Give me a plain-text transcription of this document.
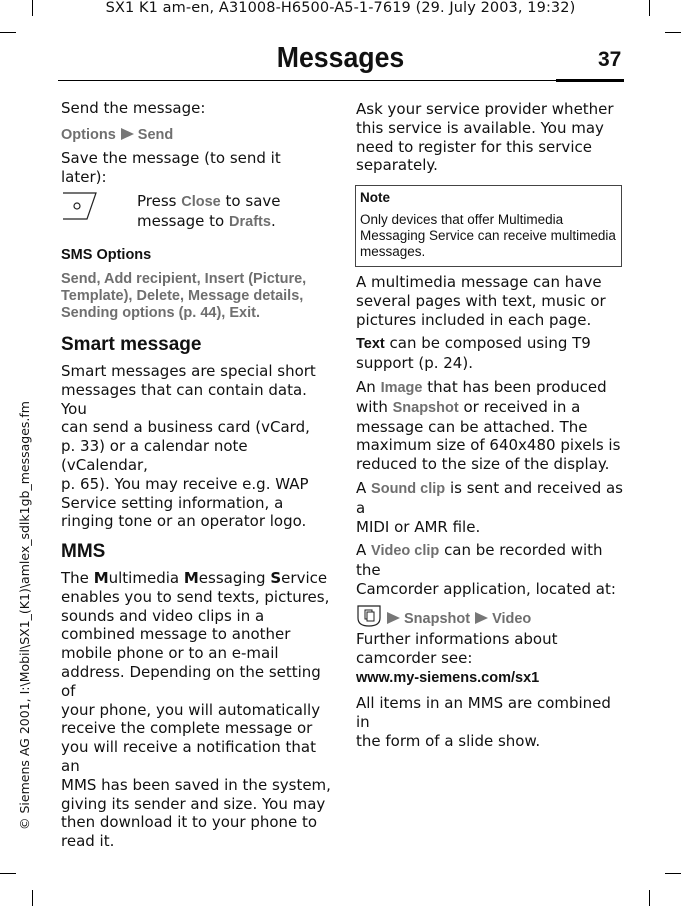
SX1 K1 am-en, A31008-H6500-A5-1-7619 (29. July 2003, 19:32)
Messages	37
© Siemens AG 2001, I:\Mobil\SX1_(K1)\amlex_sdlk1gb_messages.fm

Send the message:

Options Send

Save the message (to send it later):

Press Close to save message to Drafts.

SMS Options

Send, Add recipient, Insert (Picture,
Template), Delete, Message details,
Sending options (p. 44), Exit.

Smart message

Smart messages are special short
messages that can contain data. You
can send a business card (vCard,
p. 33) or a calendar note (vCalendar,
p. 65). You may receive e.g. WAP
Service setting information, a
ringing tone or an operator logo.

MMS

The Multimedia Messaging Service
enables you to send texts, pictures,
sounds and video clips in a
combined message to another
mobile phone or to an e-mail
address. Depending on the setting of
your phone, you will automatically
receive the complete message or
you will receive a notification that an
MMS has been saved in the system,
giving its sender and size. You may
then download it to your phone to
read it.

Ask your service provider whether
this service is available. You may
need to register for this service
separately.

Note
Only devices that offer Multimedia
Messaging Service can receive multimedia
messages.

A multimedia message can have
several pages with text, music or
pictures included in each page.

Text can be composed using T9
support (p. 24).

An Image that has been produced
with Snapshot or received in a
message can be attached. The
maximum size of 640x480 pixels is
reduced to the size of the display.

A Sound clip is sent and received as a
MIDI or AMR file.

A Video clip can be recorded with the
Camcorder application, located at:

Snapshot Video

Further informations about
camcorder see:

www.my-siemens.com/sx1

All items in an MMS are combined in
the form of a slide show.
